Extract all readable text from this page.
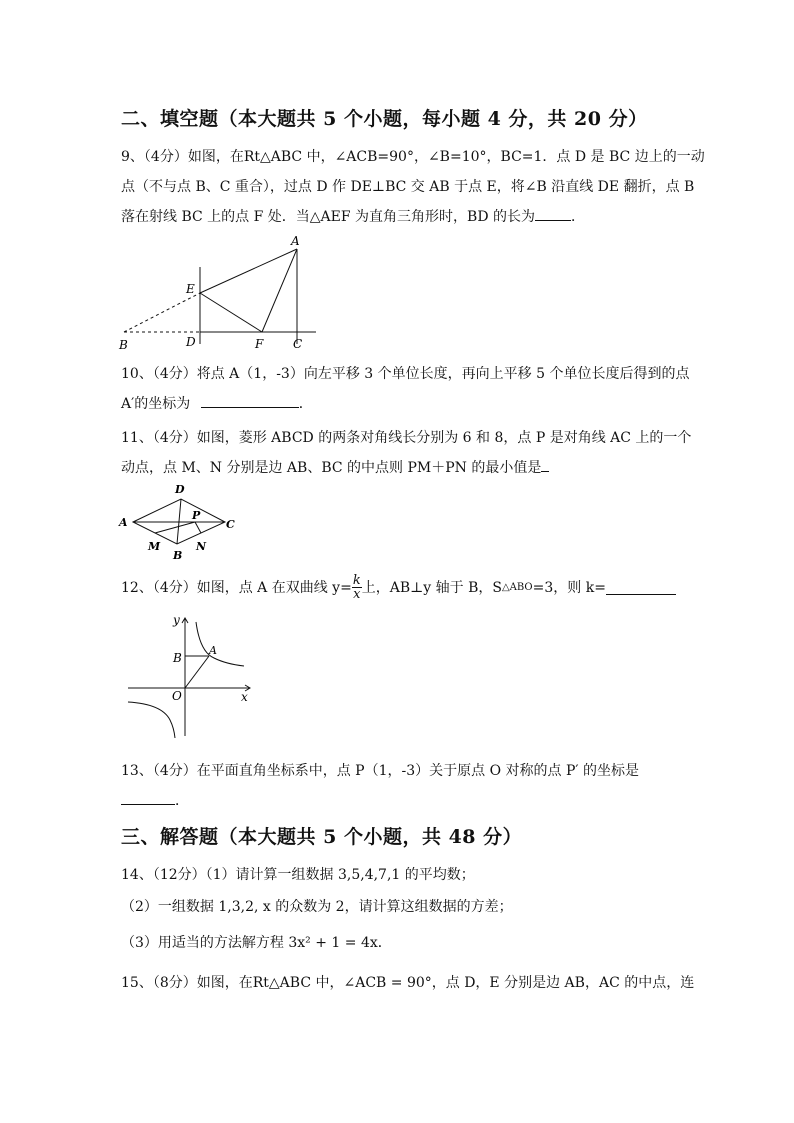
二、填空题（本大题共 5 个小题，每小题 4 分，共 20 分）
9、（4分）如图，在Rt△ABC 中，∠ACB=90°，∠B=10°，BC=1．点 D 是 BC 边上的一动
点（不与点 B、C 重合），过点 D 作 DE⊥BC 交 AB 于点 E，将∠B 沿直线 DE 翻折，点 B
落在射线 BC 上的点 F 处．当△AEF 为直角三角形时，BD 的长为	．
A
E
B	D	F C
10、（4分）将点 A（1，-3）向左平移 3 个单位长度，再向上平移 5 个单位长度后得到的点
A′的坐标为	．
11、（4分）如图，菱形 ABCD 的两条对角线长分别为 6 和 8，点 P 是对角线 AC 上的一个
动点，点 M、N 分别是边 AB、BC 的中点则 PM＋PN 的最小值是
D
A	C
P
M	N
B
12、（4分）如图，点 A 在双曲线 $y= \frac{k}{x}$ 上，AB⊥y 轴于 B，S △ABO =3，则 k=
y
x
A
B
O
13、（4分）在平面直角坐标系中，点 P（1，-3）关于原点 O 对称的点 P′ 的坐标是
．
三、解答题（本大题共 5 个小题，共 48 分）
14、（12分）（1）请计算一组数据 3,5,4,7,1 的平均数；
（2）一组数据 1,3,2, x 的众数为 2，请计算这组数据的方差；
（3）用适当的方法解方程 3x² + 1 = 4x．
15、（8分）如图，在Rt△ABC 中，∠ACB = 90°，点 D，E 分别是边 AB，AC 的中点，连
